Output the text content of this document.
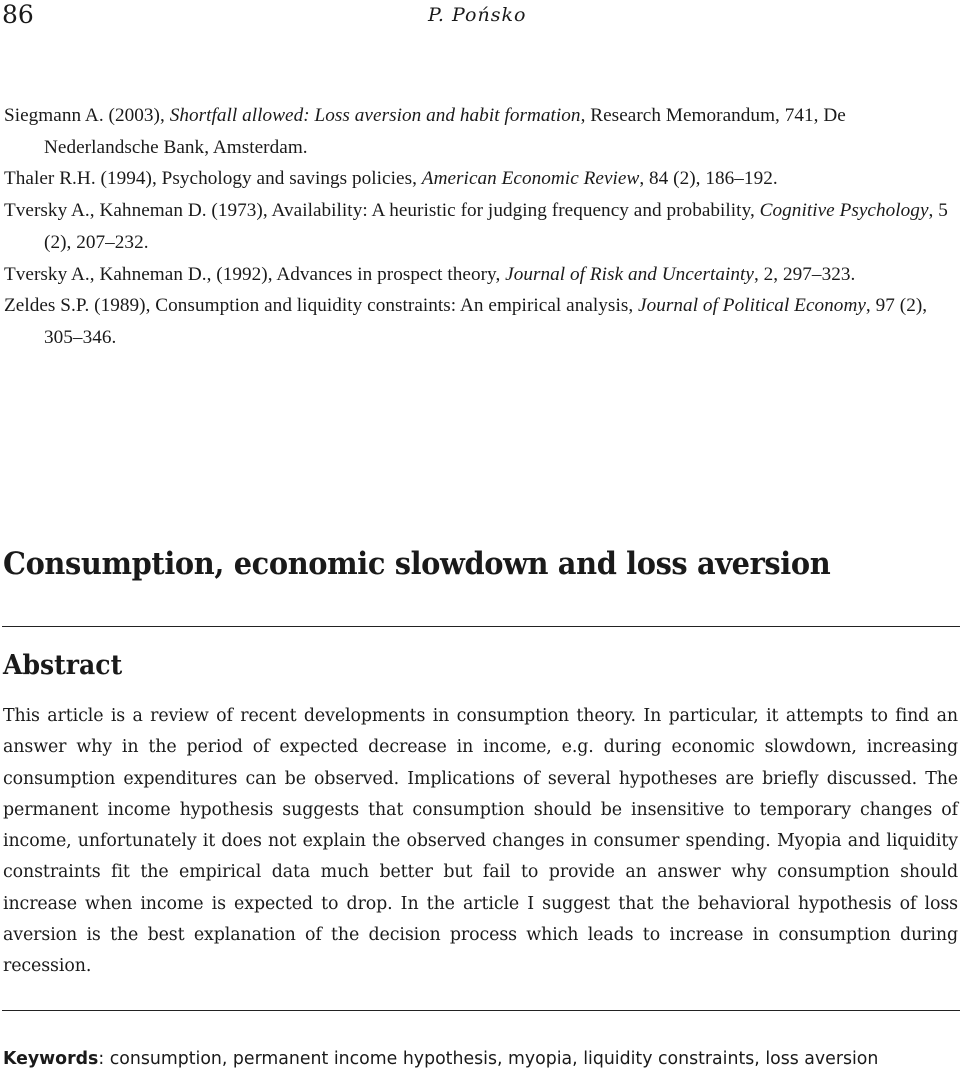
86	P. Pońsko
Siegmann A. (2003), Shortfall allowed: Loss aversion and habit formation, Research Memorandum, 741, De Nederlandsche Bank, Amsterdam.
Thaler R.H. (1994), Psychology and savings policies, American Economic Review, 84 (2), 186–192.
Tversky A., Kahneman D. (1973), Availability: A heuristic for judging frequency and probability, Cognitive Psychology, 5 (2), 207–232.
Tversky A., Kahneman D., (1992), Advances in prospect theory, Journal of Risk and Uncertainty, 2, 297–323.
Zeldes S.P. (1989), Consumption and liquidity constraints: An empirical analysis, Journal of Political Economy, 97 (2), 305–346.
Consumption, economic slowdown and loss aversion
Abstract

This article is a review of recent developments in consumption theory. In particular, it attempts to find an answer why in the period of expected decrease in income, e.g. during economic slowdown, increasing consumption expenditures can be observed. Implications of several hypotheses are briefly discussed. The permanent income hypothesis suggests that consumption should be insensitive to temporary changes of income, unfortunately it does not explain the observed changes in consumer spending. Myopia and liquidity constraints fit the empirical data much better but fail to provide an answer why consumption should increase when income is expected to drop. In the article I suggest that the behavioral hypothesis of loss aversion is the best explanation of the decision process which leads to increase in consumption during recession.

Keywords: consumption, permanent income hypothesis, myopia, liquidity constraints, loss aversion
